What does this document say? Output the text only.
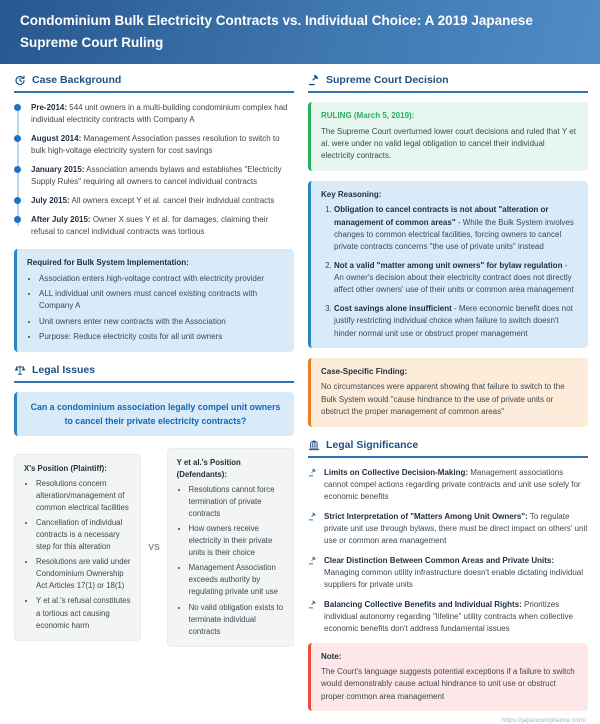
Condominium Bulk Electricity Contracts vs. Individual Choice: A 2019 Japanese Supreme Court Ruling
Case Background
Pre-2014: 544 unit owners in a multi-building condominium complex had individual electricity contracts with Company A
August 2014: Management Association passes resolution to switch to bulk high-voltage electricity system for cost savings
January 2015: Association amends bylaws and establishes "Electricity Supply Rules" requiring all owners to cancel individual contracts
July 2015: All owners except Y et al. cancel their individual contracts
After July 2015: Owner X sues Y et al. for damages, claiming their refusal to cancel individual contracts was tortious
Required for Bulk System Implementation:
• Association enters high-voltage contract with electricity provider
• ALL individual unit owners must cancel existing contracts with Company A
• Unit owners enter new contracts with the Association
• Purpose: Reduce electricity costs for all unit owners
Legal Issues
Can a condominium association legally compel unit owners to cancel their private electricity contracts?
X's Position (Plaintiff):
• Resolutions concern alteration/management of common electrical facilities
• Cancellation of individual contracts is a necessary step for this alteration
• Resolutions are valid under Condominium Ownership Act Articles 17(1) or 18(1)
• Y et al.'s refusal constitutes a tortious act causing economic harm
VS
Y et al.'s Position (Defendants):
• Resolutions cannot force termination of private contracts
• How owners receive electricity in their private units is their choice
• Management Association exceeds authority by regulating private unit use
• No valid obligation exists to terminate individual contracts
Supreme Court Decision
RULING (March 5, 2019):
The Supreme Court overturned lower court decisions and ruled that Y et al. were under no valid legal obligation to cancel their individual electricity contracts.
Key Reasoning:
1. Obligation to cancel contracts is not about "alteration or management of common areas" - While the Bulk System involves changes to common electrical facilities, forcing owners to cancel private contracts concerns "the use of private units" instead
2. Not a valid "matter among unit owners" for bylaw regulation - An owner's decision about their electricity contract does not directly affect other owners' use of their units or common area management
3. Cost savings alone insufficient - Mere economic benefit does not justify restricting individual choice when failure to switch doesn't hinder normal unit use or obstruct proper management
Case-Specific Finding:
No circumstances were apparent showing that failure to switch to the Bulk System would "cause hindrance to the use of private units or obstruct the proper management of common areas"
Legal Significance
Limits on Collective Decision-Making: Management associations cannot compel actions regarding private contracts and unit use solely for economic benefits
Strict Interpretation of "Matters Among Unit Owners": To regulate private unit use through bylaws, there must be direct impact on others' unit use or common area management
Clear Distinction Between Common Areas and Private Units: Managing common utility infrastructure doesn't enable dictating individual suppliers for private units
Balancing Collective Benefits and Individual Rights: Prioritizes individual autonomy regarding "lifeline" utility contracts when collective economic benefits don't address fundamental issues
Note:
The Court's language suggests potential exceptions if a failure to switch would demonstrably cause actual hindrance to unit use or obstruct proper common area management
https://japancompliance.com/
